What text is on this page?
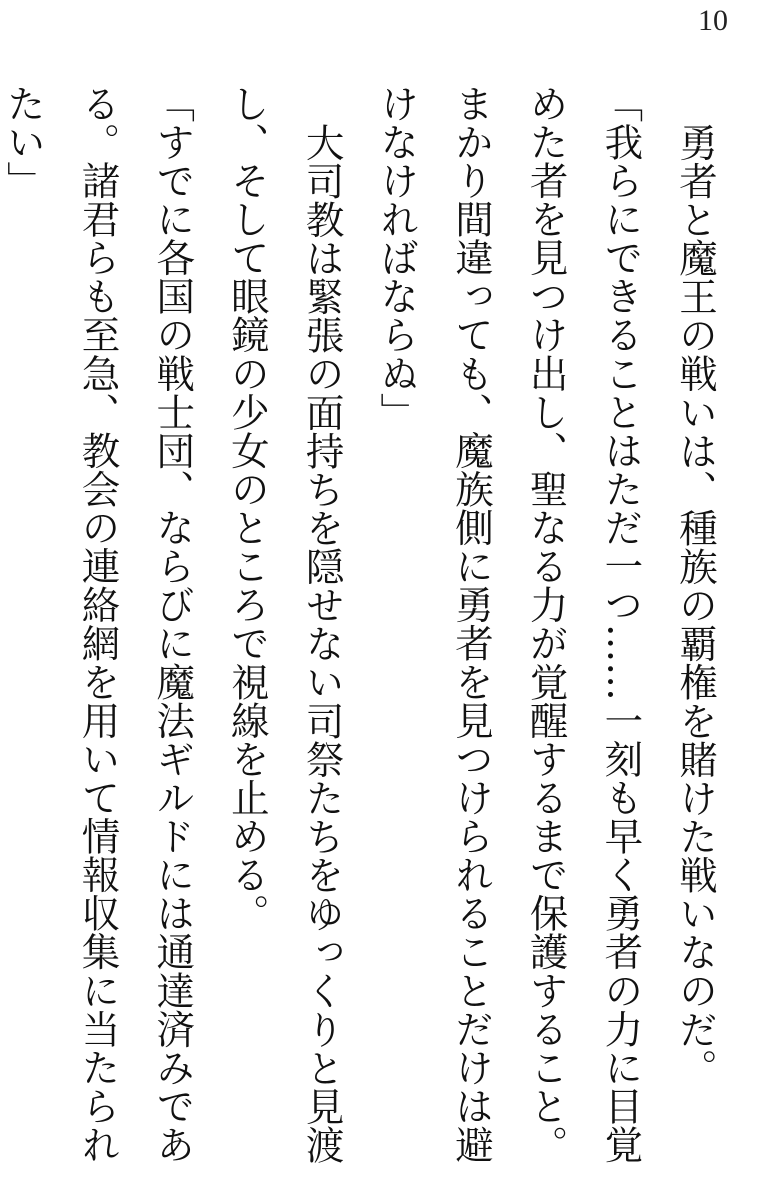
10

勇者と魔王の戦いは、種族の覇権を賭けた戦いなのだ。

「我らにできることはただ一つ……一刻も早く勇者の力に目覚めた者を見つけ出し、聖なる力が覚醒するまで保護すること。まかり間違っても、魔族側に勇者を見つけられることだけは避けなければならぬ」

大司教は緊張の面持ちを隠せない司祭たちをゆっくりと見渡し、そして眼鏡の少女のところで視線を止める。

「すでに各国の戦士団、ならびに魔法ギルドには通達済みである。諸君らも至急、教会の連絡網を用いて情報収集に当たられたい」
